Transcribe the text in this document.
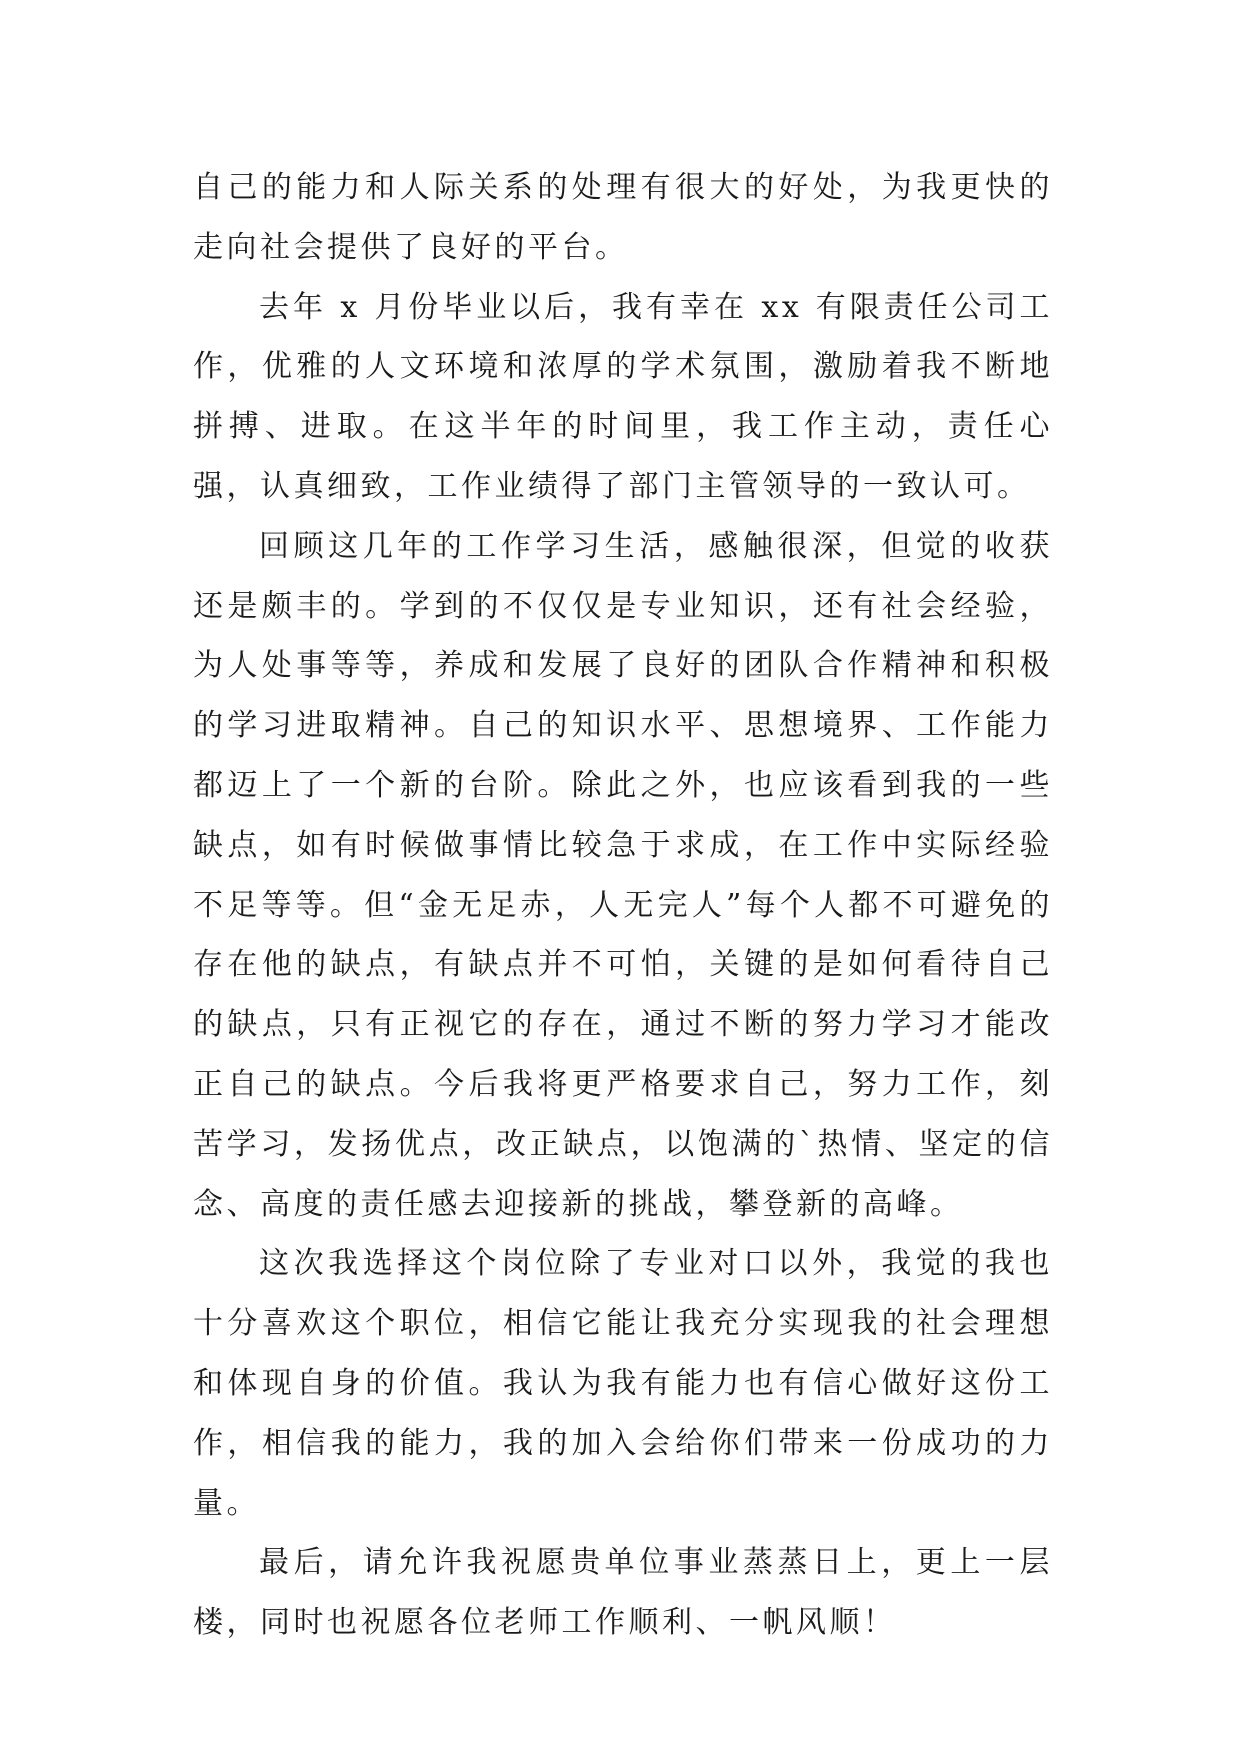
自己的能力和人际关系的处理有很大的好处，为我更快的走向社会提供了良好的平台。

去年 x 月份毕业以后，我有幸在 xx 有限责任公司工作，优雅的人文环境和浓厚的学术氛围，激励着我不断地拼搏、进取。在这半年的时间里，我工作主动，责任心强，认真细致，工作业绩得了部门主管领导的一致认可。

回顾这几年的工作学习生活，感触很深，但觉的收获还是颇丰的。学到的不仅仅是专业知识，还有社会经验，为人处事等等，养成和发展了良好的团队合作精神和积极的学习进取精神。自己的知识水平、思想境界、工作能力都迈上了一个新的台阶。除此之外，也应该看到我的一些缺点，如有时候做事情比较急于求成，在工作中实际经验不足等等。但“金无足赤，人无完人”每个人都不可避免的存在他的缺点，有缺点并不可怕，关键的是如何看待自己的缺点，只有正视它的存在，通过不断的努力学习才能改正自己的缺点。今后我将更严格要求自己，努力工作，刻苦学习，发扬优点，改正缺点，以饱满的`热情、坚定的信念、高度的责任感去迎接新的挑战，攀登新的高峰。

这次我选择这个岗位除了专业对口以外，我觉的我也十分喜欢这个职位，相信它能让我充分实现我的社会理想和体现自身的价值。我认为我有能力也有信心做好这份工作，相信我的能力，我的加入会给你们带来一份成功的力量。

最后，请允许我祝愿贵单位事业蒸蒸日上，更上一层楼，同时也祝愿各位老师工作顺利、一帆风顺！
